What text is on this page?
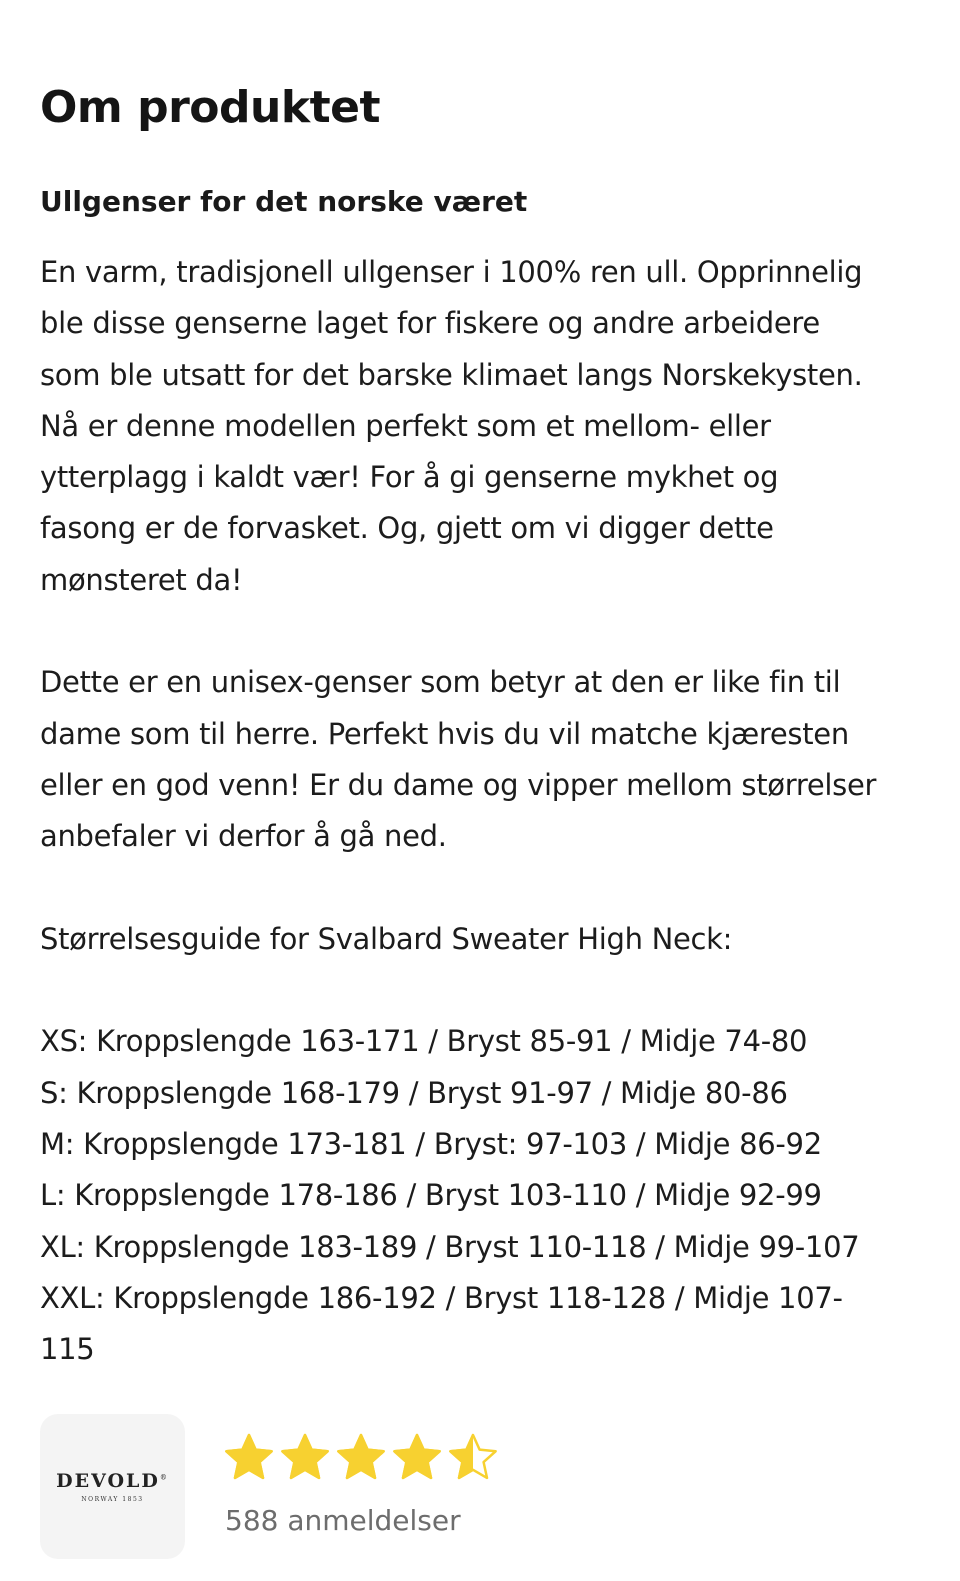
Om produktet
Ullgenser for det norske været

En varm, tradisjonell ullgenser i 100% ren ull. Opprinnelig

ble disse genserne laget for fiskere og andre arbeidere

som ble utsatt for det barske klimaet langs Norskekysten.

Nå er denne modellen perfekt som et mellom- eller

ytterplagg i kaldt vær! For å gi genserne mykhet og

fasong er de forvasket. Og, gjett om vi digger dette

mønsteret da!

Dette er en unisex-genser som betyr at den er like fin til

dame som til herre. Perfekt hvis du vil matche kjæresten

eller en god venn! Er du dame og vipper mellom størrelser

anbefaler vi derfor å gå ned.

Størrelsesguide for Svalbard Sweater High Neck:

XS: Kroppslengde 163-171 / Bryst 85-91 / Midje 74-80

S: Kroppslengde 168-179 / Bryst 91-97 / Midje 80-86

M: Kroppslengde 173-181 / Bryst: 97-103 / Midje 86-92

L: Kroppslengde 178-186 / Bryst 103-110 / Midje 92-99

XL: Kroppslengde 183-189 / Bryst 110-118 / Midje 99-107

XXL: Kroppslengde 186-192 / Bryst 118-128 / Midje 107-

115

DEVOLD®
NORWAY 1853
588 anmeldelser
